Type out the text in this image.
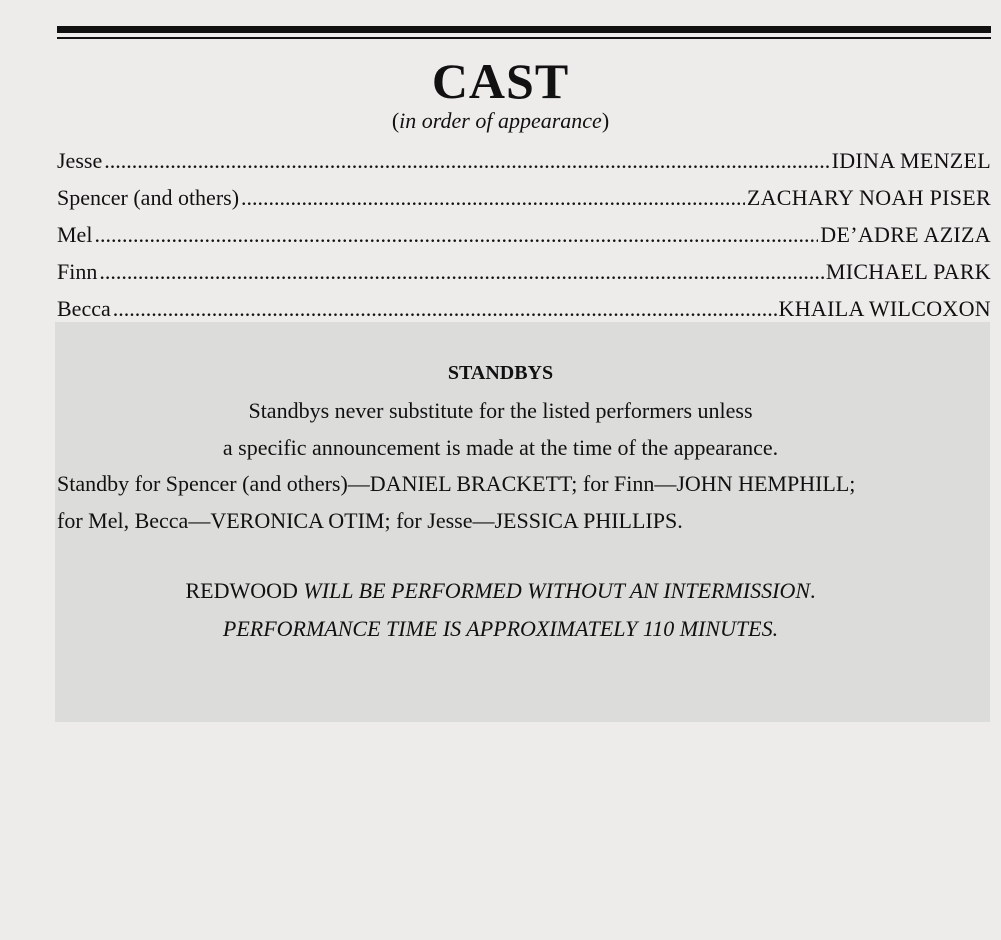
CAST
(in order of appearance)
Jesse .....	IDINA MENZEL
Spencer (and others) .....	ZACHARY NOAH PISER
Mel .....	DE’ADRE AZIZA
Finn .....	MICHAEL PARK
Becca .....	KHAILA WILCOXON
STANDBYS
Standbys never substitute for the listed performers unless
a specific announcement is made at the time of the appearance.
Standby for Spencer (and others)—DANIEL BRACKETT; for Finn—JOHN HEMPHILL;
for Mel, Becca—VERONICA OTIM; for Jesse—JESSICA PHILLIPS.
REDWOOD WILL BE PERFORMED WITHOUT AN INTERMISSION.
PERFORMANCE TIME IS APPROXIMATELY 110 MINUTES.
